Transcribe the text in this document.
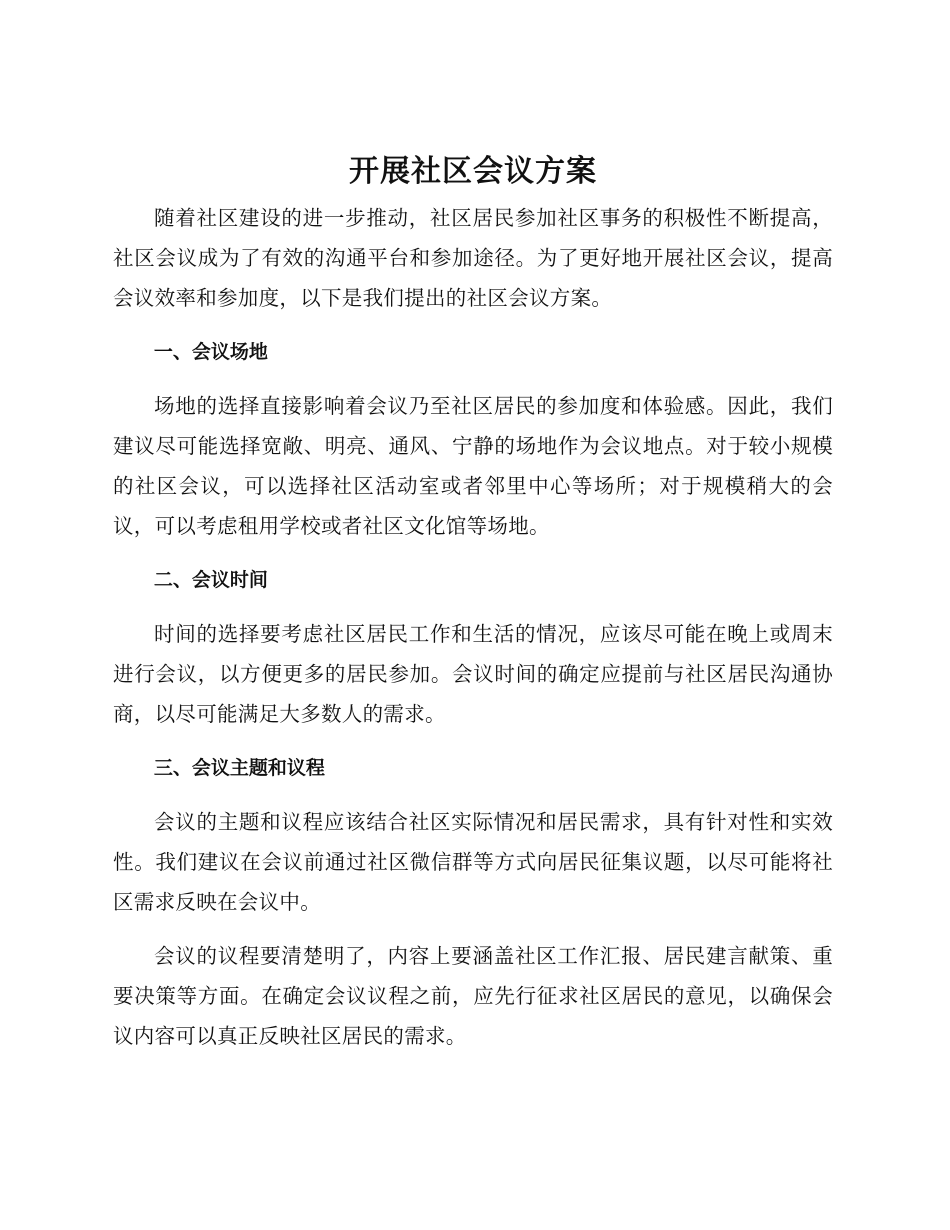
开展社区会议方案

随着社区建设的进一步推动，社区居民参加社区事务的积极性不断提高，社区会议成为了有效的沟通平台和参加途径。为了更好地开展社区会议，提高会议效率和参加度，以下是我们提出的社区会议方案。

一、会议场地

场地的选择直接影响着会议乃至社区居民的参加度和体验感。因此，我们建议尽可能选择宽敞、明亮、通风、宁静的场地作为会议地点。对于较小规模的社区会议，可以选择社区活动室或者邻里中心等场所；对于规模稍大的会议，可以考虑租用学校或者社区文化馆等场地。

二、会议时间

时间的选择要考虑社区居民工作和生活的情况，应该尽可能在晚上或周末进行会议，以方便更多的居民参加。会议时间的确定应提前与社区居民沟通协商，以尽可能满足大多数人的需求。

三、会议主题和议程

会议的主题和议程应该结合社区实际情况和居民需求，具有针对性和实效性。我们建议在会议前通过社区微信群等方式向居民征集议题，以尽可能将社区需求反映在会议中。

会议的议程要清楚明了，内容上要涵盖社区工作汇报、居民建言献策、重要决策等方面。在确定会议议程之前，应先行征求社区居民的意见，以确保会议内容可以真正反映社区居民的需求。
